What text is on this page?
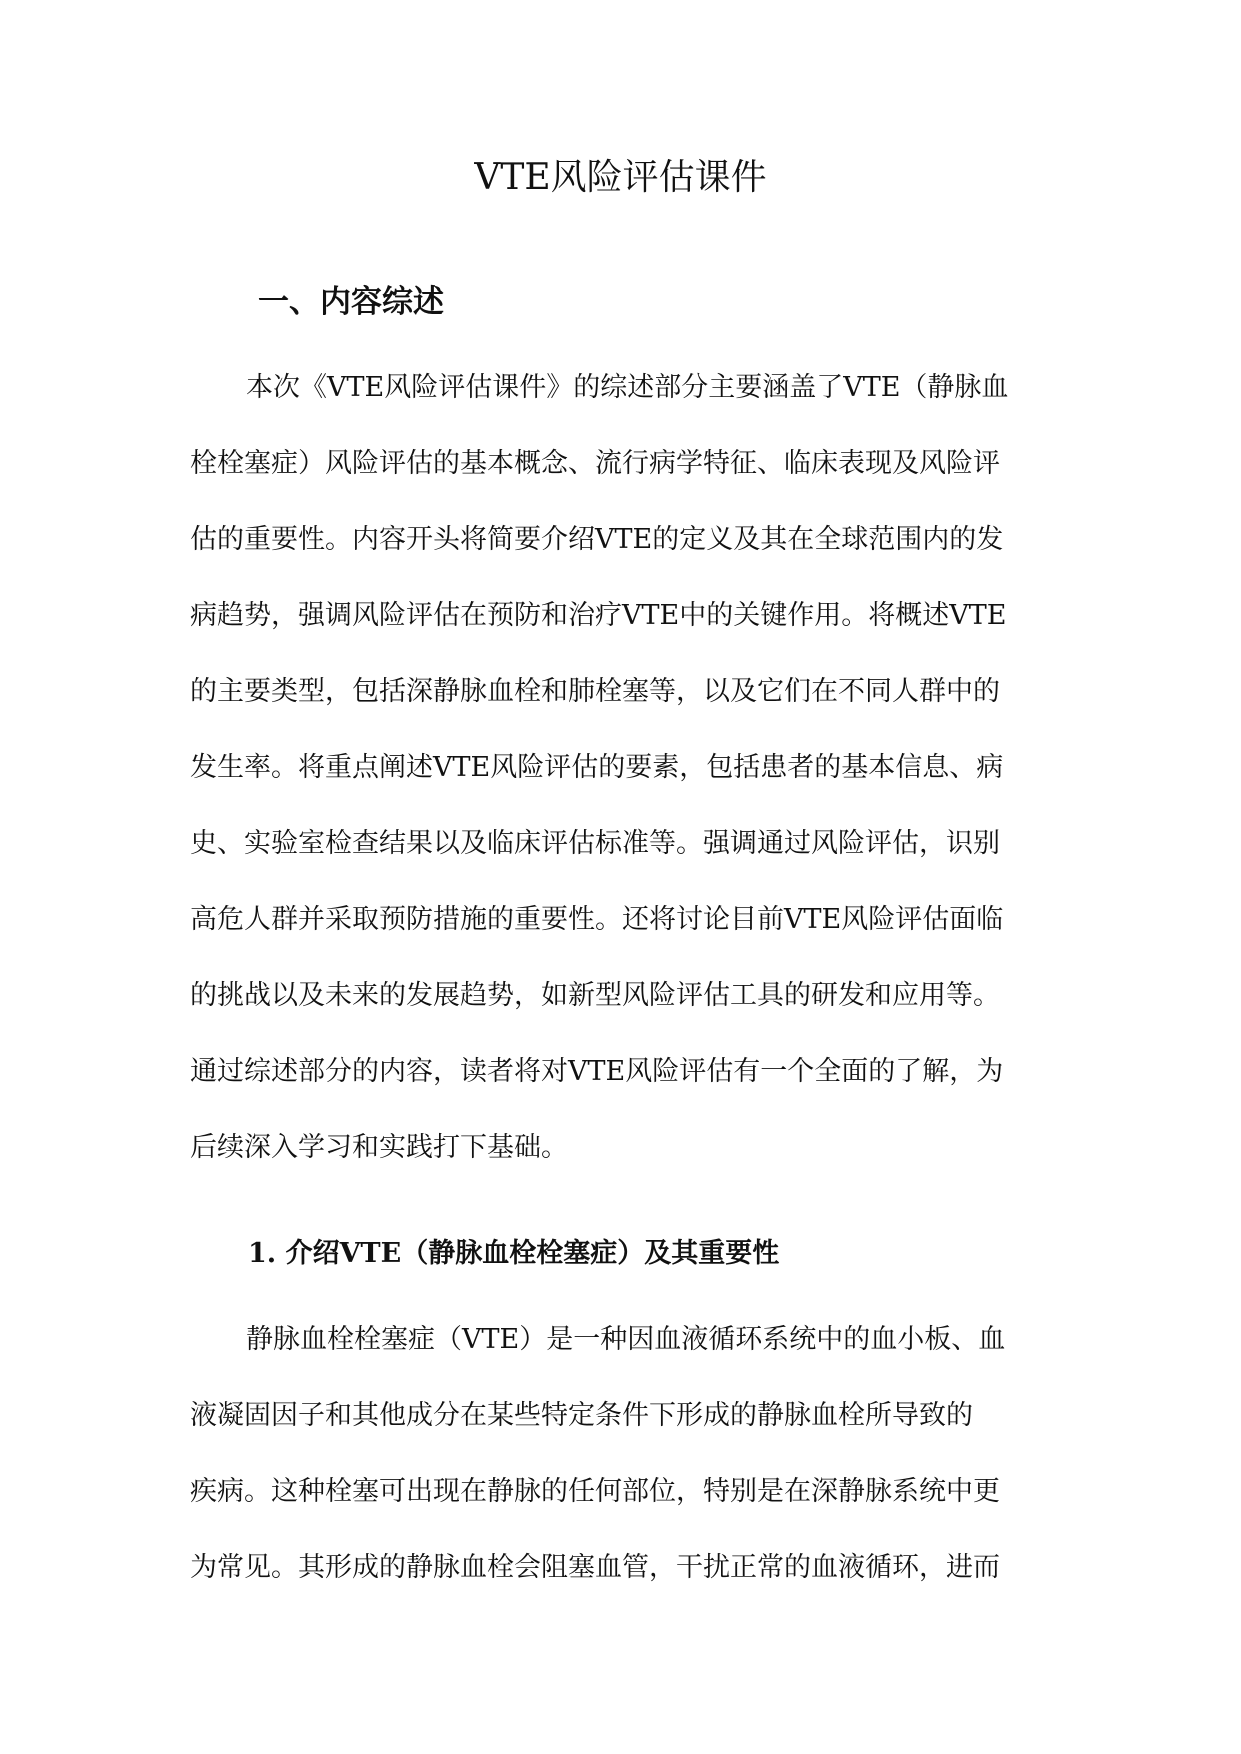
VTE风险评估课件
一、内容综述
本次《VTE风险评估课件》的综述部分主要涵盖了VTE（静脉血
栓栓塞症）风险评估的基本概念、流行病学特征、临床表现及风险评
估的重要性。内容开头将简要介绍VTE的定义及其在全球范围内的发
病趋势，强调风险评估在预防和治疗VTE中的关键作用。将概述VTE
的主要类型，包括深静脉血栓和肺栓塞等，以及它们在不同人群中的
发生率。将重点阐述VTE风险评估的要素，包括患者的基本信息、病
史、实验室检查结果以及临床评估标准等。强调通过风险评估，识别
高危人群并采取预防措施的重要性。还将讨论目前VTE风险评估面临
的挑战以及未来的发展趋势，如新型风险评估工具的研发和应用等。
通过综述部分的内容，读者将对VTE风险评估有一个全面的了解，为
后续深入学习和实践打下基础。
1. 介绍VTE（静脉血栓栓塞症）及其重要性
静脉血栓栓塞症（VTE）是一种因血液循环系统中的血小板、血
液凝固因子和其他成分在某些特定条件下形成的静脉血栓所导致的
疾病。这种栓塞可出现在静脉的任何部位，特别是在深静脉系统中更
为常见。其形成的静脉血栓会阻塞血管，干扰正常的血液循环，进而
